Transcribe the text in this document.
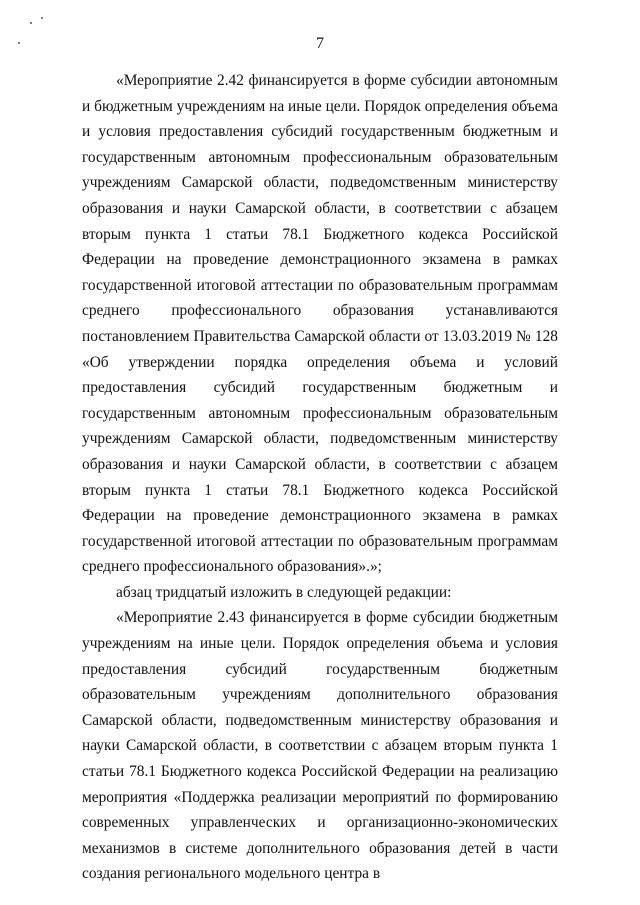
7

«Мероприятие 2.42 финансируется в форме субсидии автономным и бюджетным учреждениям на иные цели. Порядок определения объема и условия предоставления субсидий государственным бюджетным и государственным автономным профессиональным образовательным учреждениям Самарской области, подведомственным министерству образования и науки Самарской области, в соответствии с абзацем вторым пункта 1 статьи 78.1 Бюджетного кодекса Российской Федерации на проведение демонстрационного экзамена в рамках государственной итоговой аттестации по образовательным программам среднего профессионального образования устанавливаются постановлением Правительства Самарской области от 13.03.2019 № 128 «Об утверждении порядка определения объема и условий предоставления субсидий государственным бюджетным и государственным автономным профессиональным образовательным учреждениям Самарской области, подведомственным министерству образования и науки Самарской области, в соответствии с абзацем вторым пункта 1 статьи 78.1 Бюджетного кодекса Российской Федерации на проведение демонстрационного экзамена в рамках государственной итоговой аттестации по образовательным программам среднего профессионального образования».»;

абзац тридцатый изложить в следующей редакции:

«Мероприятие 2.43 финансируется в форме субсидии бюджетным учреждениям на иные цели. Порядок определения объема и условия предоставления субсидий государственным бюджетным образовательным учреждениям дополнительного образования Самарской области, подведомственным министерству образования и науки Самарской области, в соответствии с абзацем вторым пункта 1 статьи 78.1 Бюджетного кодекса Российской Федерации на реализацию мероприятия «Поддержка реализации мероприятий по формированию современных управленческих и организационно-экономических механизмов в системе дополнительного образования детей в части создания регионального модельного центра в
